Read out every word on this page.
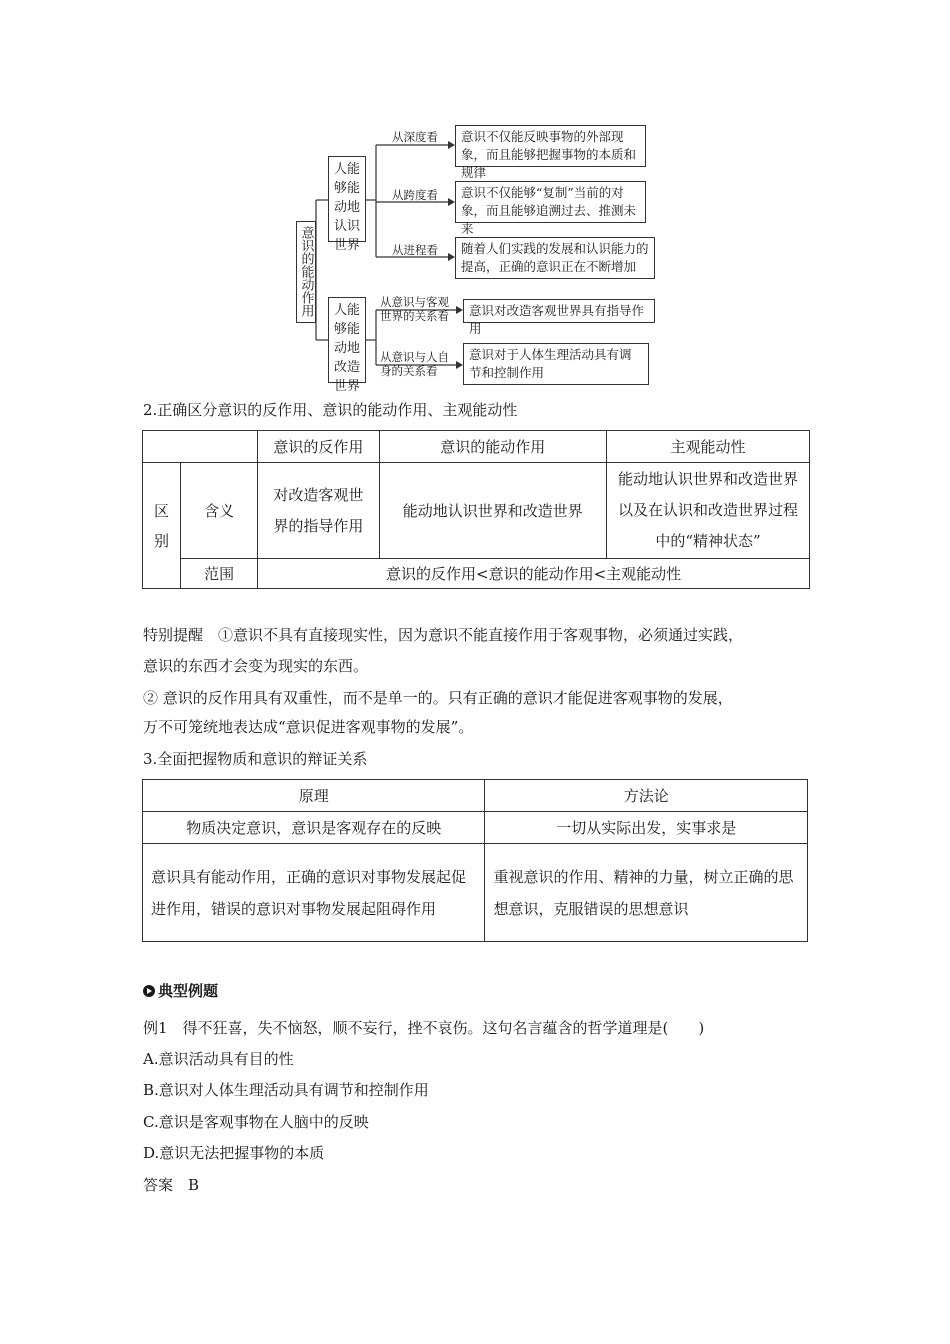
意识的能动作用
人能够能动地认识世界
人能够能动地改造世界
从深度看
从跨度看
从进程看
意识不仅能反映事物的外部现象，而且能够把握事物的本质和规律
意识不仅能够“复制”当前的对象，而且能够追溯过去、推测未来
随着人们实践的发展和认识能力的提高，正确的意识正在不断增加
从意识与客观世界的关系看
从意识与人自身的关系看
意识对改造客观世界具有指导作用
意识对于人体生理活动具有调节和控制作用
2.正确区分意识的反作用、意识的能动作用、主观能动性
		意识的反作用	意识的能动作用	主观能动性

区别	含义	对改造客观世界的指导作用	能动地认识世界和改造世界	能动地认识世界和改造世界以及在认识和改造世界过程中的“精神状态”

	范围	意识的反作用<意识的能动作用<主观能动性		
特别提醒　 ①意识不具有直接现实性，因为意识不能直接作用于客观事物，必须通过实践，
意识的东西才会变为现实的东西。
② 意识的反作用具有双重性，而不是单一的。只有正确的意识才能促进客观事物的发展，
万不可笼统地表达成“意识促进客观事物的发展”。
3.全面把握物质和意识的辩证关系
原理	方法论
物质决定意识，意识是客观存在的反映	一切从实际出发，实事求是
意识具有能动作用，正确的意识对事物发展起促进作用，错误的意识对事物发展起阻碍作用	重视意识的作用、精神的力量，树立正确的思想意识，克服错误的思想意识
典型例题
例1　得不狂喜，失不恼怒，顺不妄行，挫不哀伤。这句名言蕴含的哲学道理是(　　)
A.意识活动具有目的性
B.意识对人体生理活动具有调节和控制作用
C.意识是客观事物在人脑中的反映
D.意识无法把握事物的本质
答案　B
